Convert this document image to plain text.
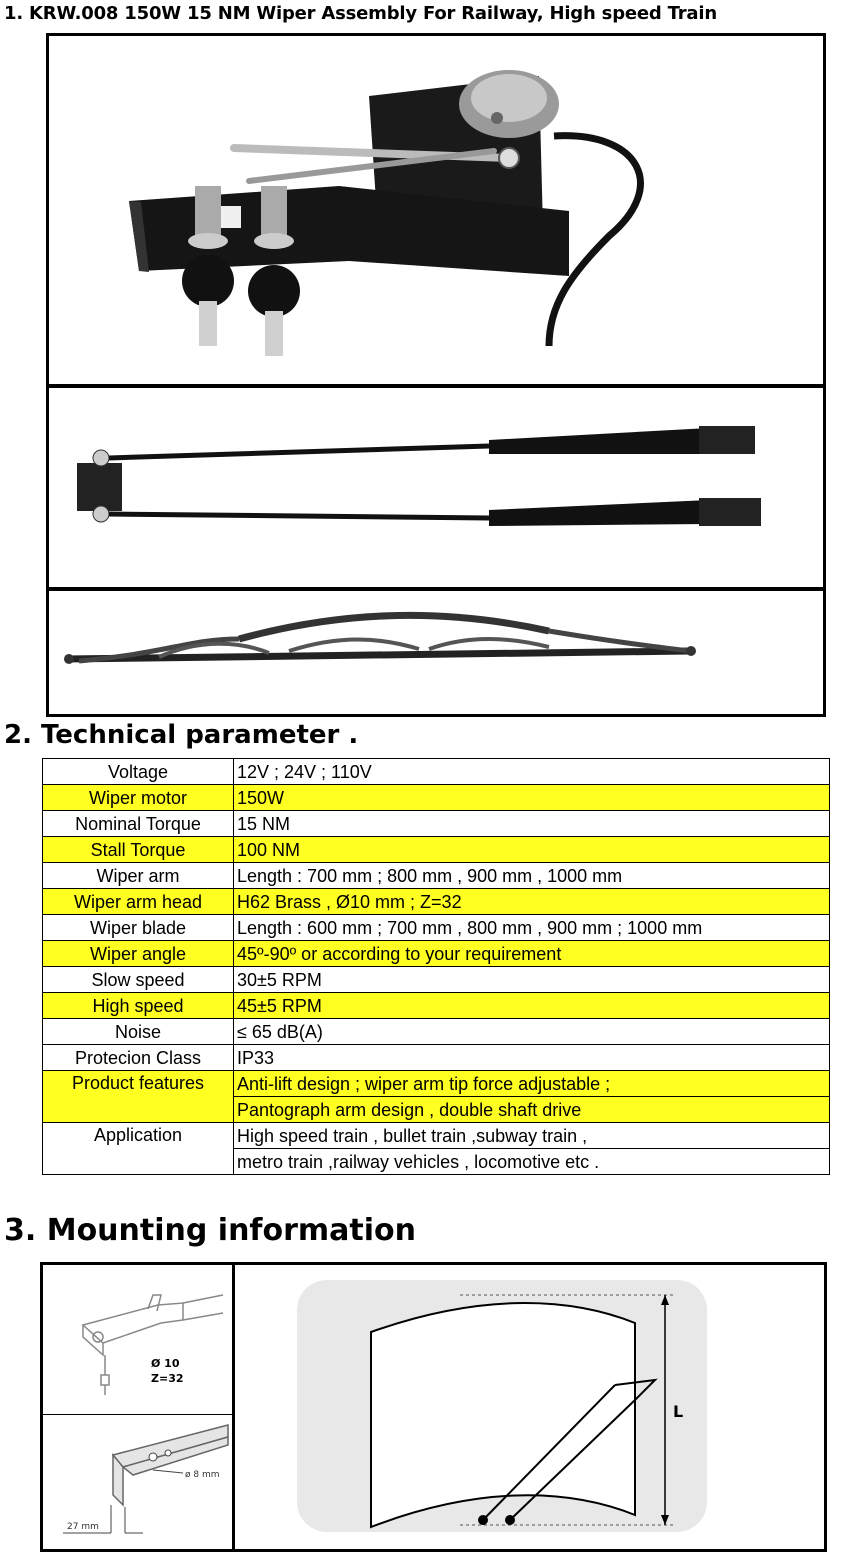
1. KRW.008 150W 15 NM Wiper Assembly For Railway, High speed Train
2. Technical parameter .
Voltage	12V ; 24V ; 110V
Wiper motor	150W
Nominal Torque	15 NM
Stall Torque	100 NM
Wiper arm	Length : 700 mm ; 800 mm , 900 mm , 1000 mm
Wiper arm head	H62 Brass , Ø10 mm ; Z=32
Wiper blade	Length : 600 mm ; 700 mm , 800 mm , 900 mm ; 1000 mm
Wiper angle	45º-90º or according to your requirement
Slow speed	30±5 RPM
High speed	45±5 RPM
Noise	≤ 65 dB(A)
Protecion Class	IP33
Product features	Anti-lift design ; wiper arm tip force adjustable ;
	Pantograph arm design , double shaft drive
Application	High speed train , bullet train ,subway train ,
	metro train ,railway vehicles , locomotive etc .
3. Mounting information
Ø 10
Z=32
ø 8 mm
27 mm
L
